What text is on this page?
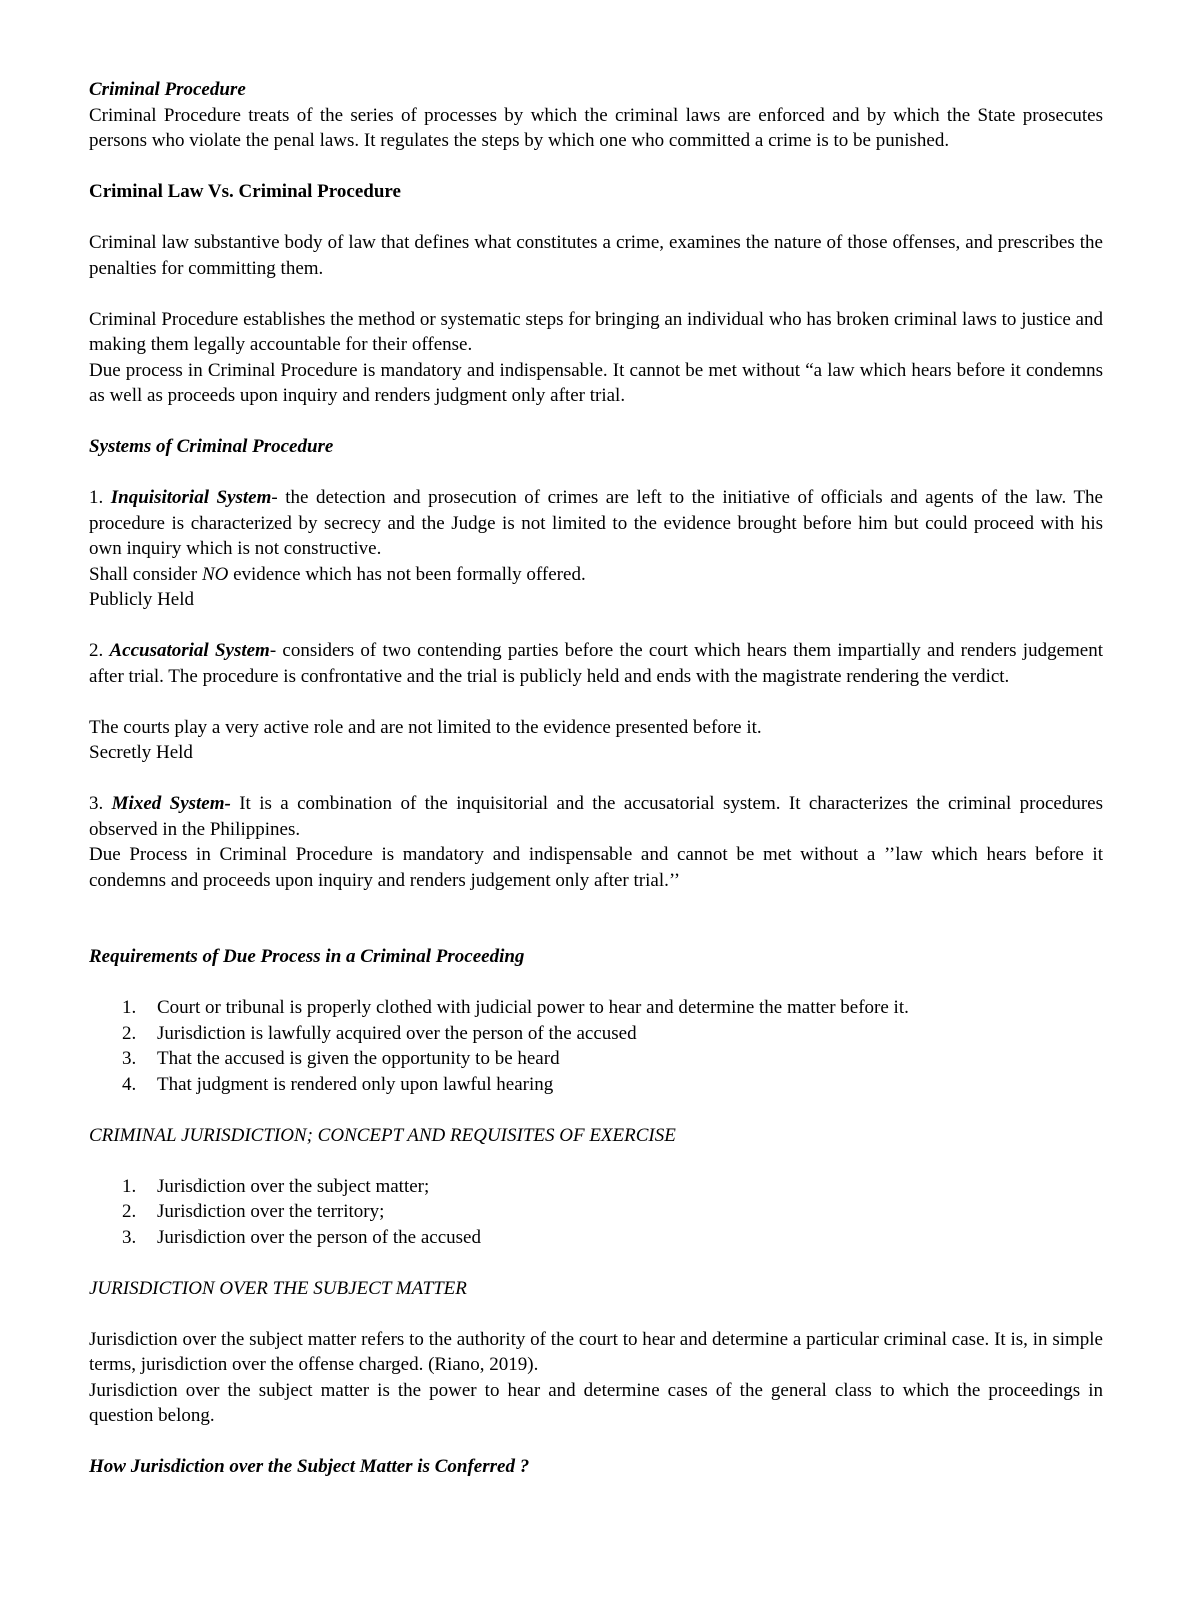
Criminal Procedure

Criminal Procedure treats of the series of processes by which the criminal laws are enforced and by which the State prosecutes persons who violate the penal laws. It regulates the steps by which one who committed a crime is to be punished.

Criminal Law Vs. Criminal Procedure

Criminal law substantive body of law that defines what constitutes a crime, examines the nature of those offenses, and prescribes the penalties for committing them.

Criminal Procedure establishes the method or systematic steps for bringing an individual who has broken criminal laws to justice and making them legally accountable for their offense.

Due process in Criminal Procedure is mandatory and indispensable. It cannot be met without “a law which hears before it condemns as well as proceeds upon inquiry and renders judgment only after trial.

Systems of Criminal Procedure

1. Inquisitorial System- the detection and prosecution of crimes are left to the initiative of officials and agents of the law. The procedure is characterized by secrecy and the Judge is not limited to the evidence brought before him but could proceed with his own inquiry which is not constructive.

Shall consider NO evidence which has not been formally offered.

Publicly Held

2. Accusatorial System- considers of two contending parties before the court which hears them impartially and renders judgement after trial. The procedure is confrontative and the trial is publicly held and ends with the magistrate rendering the verdict.

The courts play a very active role and are not limited to the evidence presented before it.

Secretly Held

3. Mixed System- It is a combination of the inquisitorial and the accusatorial system. It characterizes the criminal procedures observed in the Philippines.

Due Process in Criminal Procedure is mandatory and indispensable and cannot be met without a ’’law which hears before it condemns and proceeds upon inquiry and renders judgement only after trial.’’

Requirements of Due Process in a Criminal Proceeding

1. Court or tribunal is properly clothed with judicial power to hear and determine the matter before it.
2. Jurisdiction is lawfully acquired over the person of the accused
3. That the accused is given the opportunity to be heard
4. That judgment is rendered only upon lawful hearing

CRIMINAL JURISDICTION; CONCEPT AND REQUISITES OF EXERCISE

1. Jurisdiction over the subject matter;
2. Jurisdiction over the territory;
3. Jurisdiction over the person of the accused

JURISDICTION OVER THE SUBJECT MATTER

Jurisdiction over the subject matter refers to the authority of the court to hear and determine a particular criminal case. It is, in simple terms, jurisdiction over the offense charged. (Riano, 2019).

Jurisdiction over the subject matter is the power to hear and determine cases of the general class to which the proceedings in question belong.

How Jurisdiction over the Subject Matter is Conferred ?
